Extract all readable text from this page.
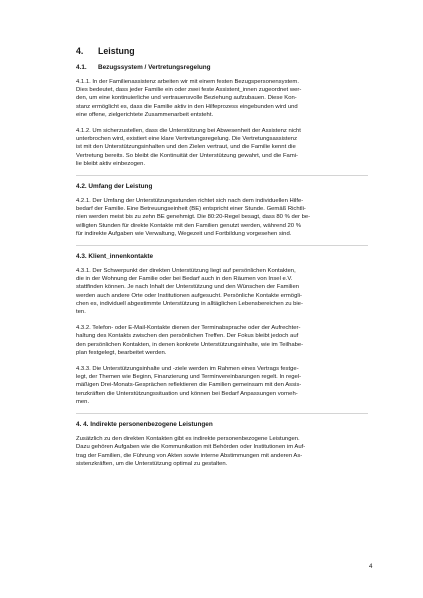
4.	Leistung
4.1.	Bezugssystem / Vertretungsregelung

4.1.1. In der Familienassistenz arbeiten wir mit einem festen Bezugspersonensystem.
Dies bedeutet, dass jeder Familie ein oder zwei feste Assistent_innen zugeordnet wer-
den, um eine kontinuierliche und vertrauensvolle Beziehung aufzubauen. Diese Kon-
stanz ermöglicht es, dass die Familie aktiv in den Hilfeprozess eingebunden wird und
eine offene, zielgerichtete Zusammenarbeit entsteht.

4.1.2. Um sicherzustellen, dass die Unterstützung bei Abwesenheit der Assistenz nicht
unterbrochen wird, existiert eine klare Vertretungsregelung. Die Vertretungsassistenz
ist mit den Unterstützungsinhalten und den Zielen vertraut, und die Familie kennt die
Vertretung bereits. So bleibt die Kontinuität der Unterstützung gewahrt, und die Fami-
lie bleibt aktiv einbezogen.

4.2. Umfang der Leistung

4.2.1. Der Umfang der Unterstützungsstunden richtet sich nach dem individuellen Hilfe-
bedarf der Familie. Eine Betreuungseinheit (BE) entspricht einer Stunde. Gemäß Richtli-
nien werden meist bis zu zehn BE genehmigt. Die 80:20-Regel besagt, dass 80 % der be-
willigten Stunden für direkte Kontakte mit den Familien genutzt werden, während 20 %
für indirekte Aufgaben wie Verwaltung, Wegezeit und Fortbildung vorgesehen sind.

4.3. Klient_innenkontakte

4.3.1. Der Schwerpunkt der direkten Unterstützung liegt auf persönlichen Kontakten,
die in der Wohnung der Familie oder bei Bedarf auch in den Räumen von Insel e.V.
stattfinden können. Je nach Inhalt der Unterstützung und den Wünschen der Familien
werden auch andere Orte oder Institutionen aufgesucht. Persönliche Kontakte ermögli-
chen es, individuell abgestimmte Unterstützung in alltäglichen Lebensbereichen zu bie-
ten.

4.3.2. Telefon- oder E-Mail-Kontakte dienen der Terminabsprache oder der Aufrechter-
haltung des Kontakts zwischen den persönlichen Treffen. Der Fokus bleibt jedoch auf
den persönlichen Kontakten, in denen konkrete Unterstützungsinhalte, wie im Teilhabe-
plan festgelegt, bearbeitet werden.

4.3.3. Die Unterstützungsinhalte und -ziele werden im Rahmen eines Vertrags festge-
legt, der Themen wie Beginn, Finanzierung und Terminvereinbarungen regelt. In regel-
mäßigen Drei-Monats-Gesprächen reflektieren die Familien gemeinsam mit den Assis-
tenzkräften die Unterstützungssituation und können bei Bedarf Anpassungen vorneh-
men.

4. 4. Indirekte personenbezogene Leistungen

Zusätzlich zu den direkten Kontakten gibt es indirekte personenbezogene Leistungen.
Dazu gehören Aufgaben wie die Kommunikation mit Behörden oder Institutionen im Auf-
trag der Familien, die Führung von Akten sowie interne Abstimmungen mit anderen As-
sistenzkräften, um die Unterstützung optimal zu gestalten.

4
